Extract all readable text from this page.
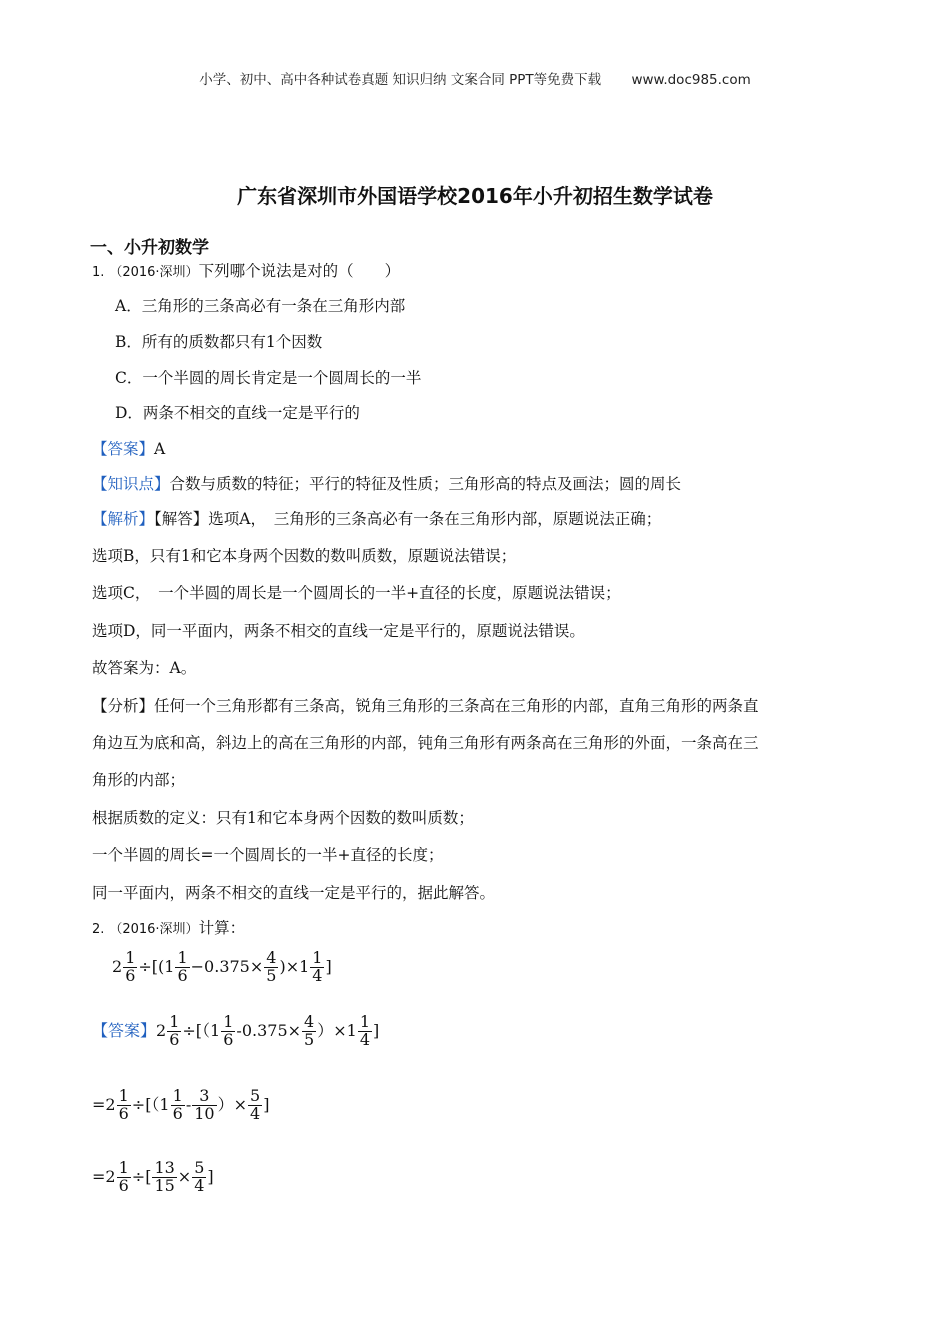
小学、初中、高中各种试卷真题 知识归纳 文案合同 PPT等免费下载 www.doc985.com
广东省深圳市外国语学校2016年小升初招生数学试卷
一、小升初数学
1. （2016·深圳）下列哪个说法是对的（　　）
A．三角形的三条高必有一条在三角形内部
B．所有的质数都只有1个因数
C．一个半圆的周长肯定是一个圆周长的一半
D．两条不相交的直线一定是平行的
【答案】A
【知识点】合数与质数的特征；平行的特征及性质；三角形高的特点及画法；圆的周长
【解析】【解答】选项A，　三角形的三条高必有一条在三角形内部，原题说法正确；
选项B，只有1和它本身两个因数的数叫质数，原题说法错误；
选项C，　一个半圆的周长是一个圆周长的一半+直径的长度，原题说法错误；
选项D，同一平面内，两条不相交的直线一定是平行的，原题说法错误。
故答案为：A。
【分析】任何一个三角形都有三条高，锐角三角形的三条高在三角形的内部，直角三角形的两条直
角边互为底和高，斜边上的高在三角形的内部，钝角三角形有两条高在三角形的外面，一条高在三
角形的内部；
根据质数的定义：只有1和它本身两个因数的数叫质数；
一个半圆的周长=一个圆周长的一半+直径的长度；
同一平面内，两条不相交的直线一定是平行的，据此解答。
2. （2016·深圳）计算：
$2 \frac{1}{6} \div[(1 \frac{1}{6} -0.375\times \frac{4}{5} )\times 1 \frac{1}{4}$ ]
【答案】$2 \frac{1}{6} \div[(1 \frac{1}{6} -0.375\times \frac{4}{5} )\times 1 \frac{1}{4}$ ]
$=2 \frac{1}{6} \div[(1 \frac{1}{6} - \frac{3}{10}$ ）× $\frac{5}{4}$ ]
$=2 \frac{1}{6}$ ÷[ $\frac{13}{15} \times \frac{5}{4}$ ]
